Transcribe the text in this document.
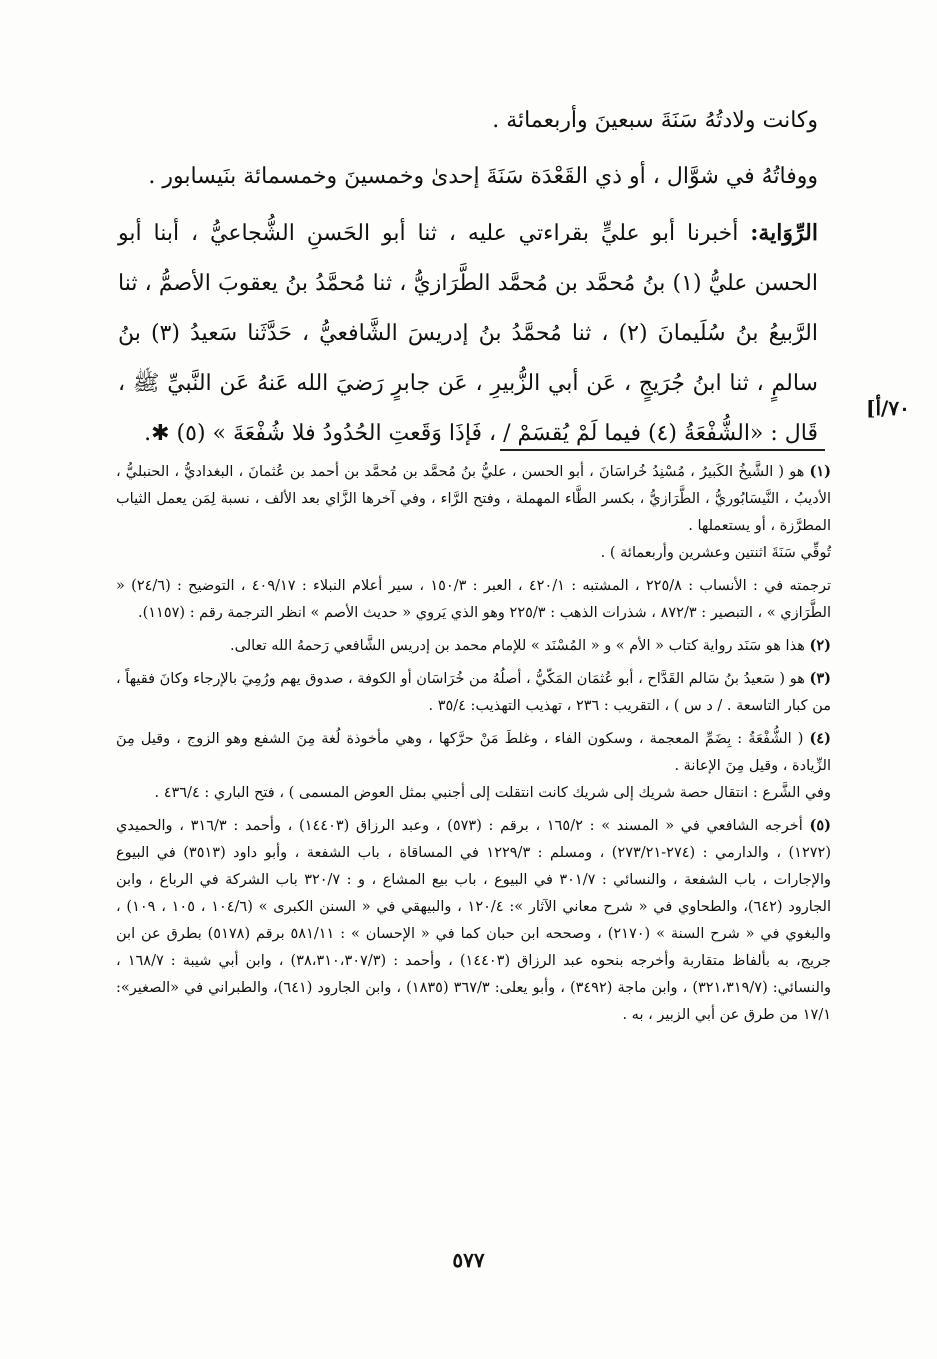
وكانت ولادتُهُ سَنَةَ سبعينَ وأربعمائة .

ووفاتُهُ في شوَّال ، أو ذي القَعْدَة سَنَةَ إحدىٰ وخمسينَ وخمسمائة بنَيسابور .

الرِّوَاية: أخبرنا أبو عليٍّ بقراءتي عليه ، ثنا أبو الحَسنِ الشُّجاعيُّ ، أبنا أبو الحسن عليُّ (١) بنُ مُحمَّد بن مُحمَّد الطَّرَازيُّ ، ثنا مُحمَّدُ بنُ يعقوبَ الأصمُّ ، ثنا الرَّبيعُ بنُ سُلَيمانَ (٢) ، ثنا مُحمَّدُ بنُ إدريسَ الشَّافعيُّ ، حَدَّثَنا سَعيدُ (٣) بنُ سالمٍ ، ثنا ابنُ جُرَيجٍ ، عَن أبي الزُّبيرِ ، عَن جابرٍ رَضيَ الله عَنهُ عَن النَّبيِّ ﷺ ، قَال : «الشُّفْعَةُ (٤) فيما لَمْ يُقسَمْ / ، فَإذَا وَقَعتِ الحُدُودُ فلا شُفْعَةَ » (٥) ✱.

٧٠/أ]
(١) هو ( الشَّيخُ الكَبيرُ ، مُسْنِدُ خُراسَانَ ، أبو الحسن ، عليُّ بنُ مُحمَّد بن مُحمَّد بن أحمد بن عُثمانَ ، البغداديُّ ، الحنبليُّ ، الأديبُ ، النَّيسَابُوريُّ ، الطَّرَازيُّ ، بكسر الطَّاء المهملة ، وفتح الرَّاء ، وفي آخرها الزَّاي بعد الألف ، نسبة لِمَن يعمل الثياب المطرَّزة ، أو يستعملها .
تُوفِّي سَنَةَ اثنتين وعشرين وأربعمائة ) .
ترجمته في : الأنساب : ٢٢٥/٨ ، المشتبه : ٤٢٠/١ ، العبر : ١٥٠/٣ ، سير أعلام النبلاء : ٤٠٩/١٧ ، التوضيح : (٢٤/٦) « الطَّرَازي » ، التبصير : ٨٧٢/٣ ، شذرات الذهب : ٢٢٥/٣ وهو الذي يَروي « حديث الأصم » انظر الترجمة رقم : (١١٥٧).
(٢) هذا هو سَنَد رواية كتاب « الأم » و « المُسْنَد » للإمام محمد بن إدريس الشَّافعي رَحمهُ الله تعالى.
(٣) هو ( سَعيدُ بنُ سَالم القَدَّاح ، أبو عُثمَان المَكّيُّ ، أصلُهُ من خُرَاسَان أو الكوفة ، صدوق يهم ورُمِيَ بالإرجاء وكانَ فقيهاً ، من كبار التاسعة . / د س ) ، التقريب : ٢٣٦ ، تهذيب التهذيب: ٣٥/٤ .
(٤) ( الشُّفْعَةُ : بِضَمِّ المعجمة ، وسكون الفاء ، وغلطَ مَنْ حرَّكها ، وهي مأخوذة لُغة مِنَ الشفع وهو الزوج ، وقيل مِنَ الزِّيادة ، وقيل مِنَ الإعانة .
وفي الشَّرع : انتقال حصة شريك إلى شريك كانت انتقلت إلى أجنبي بمثل العوض المسمى ) ، فتح الباري : ٤٣٦/٤ .
(٥) أخرجه الشافعي في « المسند » : ١٦٥/٢ ، برقم : (٥٧٣) ، وعبد الرزاق (١٤٤٠٣) ، وأحمد : ٣١٦/٣ ، والحميدي (١٢٧٢) ، والدارمي : (٢٧٤-٢٧٣/٢١) ، ومسلم : ١٢٢٩/٣ في المساقاة ، باب الشفعة ، وأبو داود (٣٥١٣) في البيوع والإجارات ، باب الشفعة ، والنسائي : ٣٠١/٧ في البيوع ، باب بيع المشاع ، و : ٣٢٠/٧ باب الشركة في الرباع ، وابن الجارود (٦٤٢)، والطحاوي في « شرح معاني الآثار »: ١٢٠/٤ ، والبيهقي في « السنن الكبرى » (١٠٤/٦ ، ١٠٥ ، ١٠٩) ، والبغوي في « شرح السنة » (٢١٧٠) ، وصححه ابن حبان كما في « الإحسان » : ٥٨١/١١ برقم (٥١٧٨) بطرق عن ابن جريج، به بألفاظ متقاربة وأخرجه بنحوه عبد الرزاق (١٤٤٠٣) ، وأحمد : (٣٨،٣١٠،٣٠٧/٣) ، وابن أبي شيبة : ١٦٨/٧ ، والنسائي: (٣٢١،٣١٩/٧) ، وابن ماجة (٣٤٩٢) ، وأبو يعلى: ٣٦٧/٣ (١٨٣٥) ، وابن الجارود (٦٤١)، والطبراني في «الصغير»: ١٧/١ من طرق عن أبي الزبير ، به .
٥٧٧
